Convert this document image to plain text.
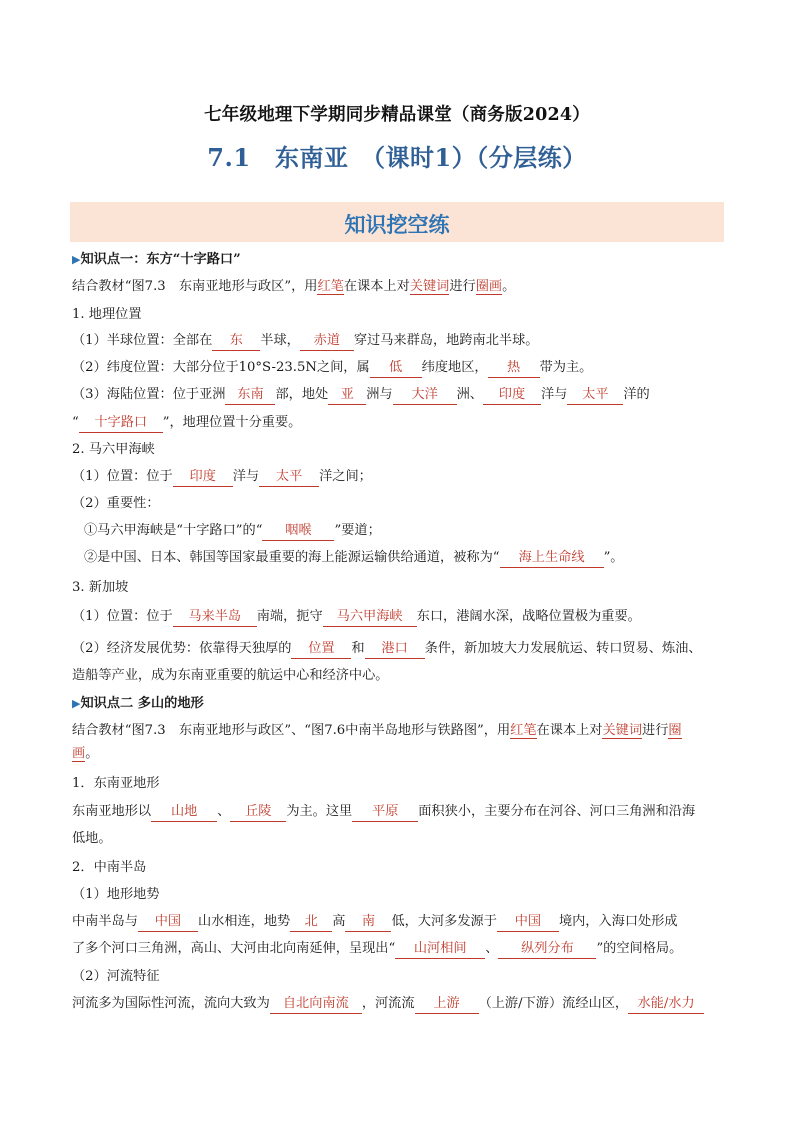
七年级地理下学期同步精品课堂（商务版2024）
7.1　东南亚　（课时1）（分层练）
知识挖空练
▶知识点一：东方“十字路口”
结合教材“图7.3　东南亚地形与政区”，用红笔在课本上对关键词进行圈画。
1. 地理位置
（1）半球位置：全部在 东 半球， 赤道 穿过马来群岛，地跨南北半球。
（2）纬度位置：大部分位于10°S-23.5N之间，属 低 纬度地区， 热 带为主。
（3）海陆位置：位于亚洲 东南 部，地处 亚 洲与 大洋 洲、 印度 洋与 太平 洋的
“ 十字路口 ”，地理位置十分重要。
2. 马六甲海峡
（1）位置：位于 印度 洋与 太平 洋之间；
（2）重要性：
①马六甲海峡是“十字路口”的“ 咽喉 ”要道；
②是中国、日本、韩国等国家最重要的海上能源运输供给通道，被称为“ 海上生命线 ”。
3. 新加坡
（1）位置：位于 马来半岛 南端，扼守 马六甲海峡 东口，港阔水深，战略位置极为重要。
（2）经济发展优势：依靠得天独厚的 位置 和 港口 条件，新加坡大力发展航运、转口贸易、炼油、
造船等产业，成为东南亚重要的航运中心和经济中心。
▶知识点二 多山的地形
结合教材“图7.3　东南亚地形与政区”、“图7.6中南半岛地形与铁路图”，用红笔在课本上对关键词进行圈
画。
1．东南亚地形
东南亚地形以 山地 、 丘陵 为主。这里 平原 面积狭小，主要分布在河谷、河口三角洲和沿海
低地。
2．中南半岛
（1）地形地势
中南半岛与 中国 山水相连，地势 北 高 南 低，大河多发源于 中国 境内，入海口处形成
了多个河口三角洲，高山、大河由北向南延伸，呈现出“ 山河相间 、 纵列分布 ”的空间格局。
（2）河流特征
河流多为国际性河流，流向大致为 自北向南流 ，河流流 上游 （上游/下游）流经山区， 水能/水力
